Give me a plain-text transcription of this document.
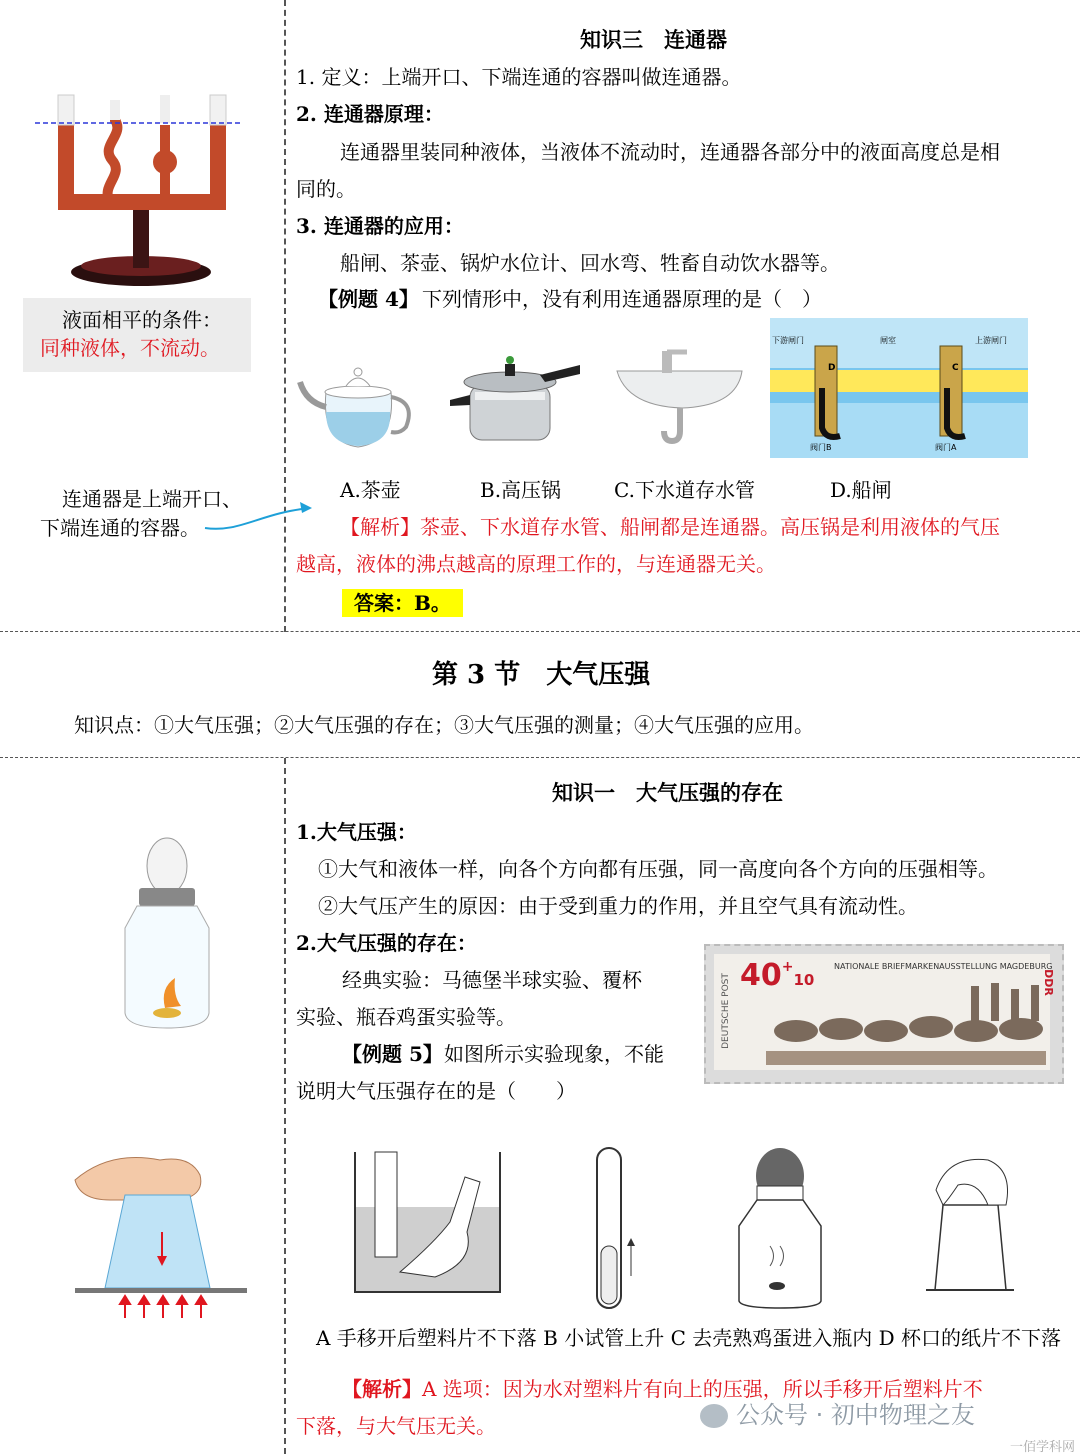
液面相平的条件：
同种液体，不流动。
连通器是上端开口、
下端连通的容器。
知识三　连通器
1. 定义：上端开口、下端连通的容器叫做连通器。
2. 连通器原理：
连通器里装同种液体，当液体不流动时，连通器各部分中的液面高度总是相
同的。
3. 连通器的应用：
船闸、茶壶、锅炉水位计、回水弯、牲畜自动饮水器等。
【例题 4】 下列情形中，没有利用连通器原理的是（　）
下游闸门	闸室	上游闸门
D	C
阀门B	阀门A
A.茶壶	B.高压锅	C.下水道存水管	D.船闸
【解析】茶壶、下水道存水管、船闸都是连通器。高压锅是利用液体的气压
越高，液体的沸点越高的原理工作的，与连通器无关。
答案：B。
第 3 节　大气压强
知识点：①大气压强；②大气压强的存在；③大气压强的测量；④大气压强的应用。
知识一　大气压强的存在
1.大气压强：
①大气和液体一样，向各个方向都有压强，同一高度向各个方向的压强相等。
②大气压产生的原因：由于受到重力的作用，并且空气具有流动性。
2.大气压强的存在：
经典实验：马德堡半球实验、覆杯
实验、瓶吞鸡蛋实验等。
【例题 5】 如图所示实验现象，不能
说明大气压强存在的是（　　）
40+10
NATIONALE BRIEFMARKENAUSSTELLUNG MAGDEBURG
DEUTSCHE POST	DDR
A 手移开后塑料片不下落 B 小试管上升 C 去壳熟鸡蛋进入瓶内 D 杯口的纸片不下落
【解析】A 选项：因为水对塑料片有向上的压强，所以手移开后塑料片不
下落，与大气压无关。	公众号 · 初中物理之友
一佰学科网
